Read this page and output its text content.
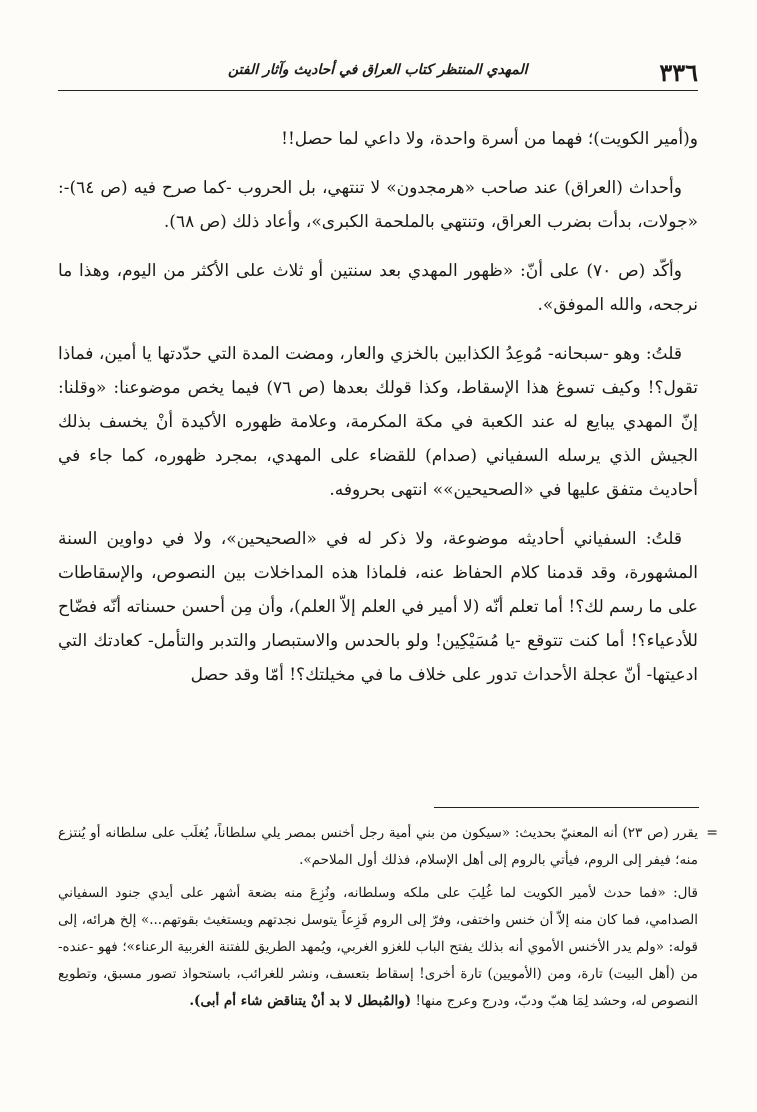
٣٣٦
المهدي المنتظر كتاب العراق في أحاديث وآثار الفتن

و(أمير الكويت)؛ فهما من أسرة واحدة، ولا داعي لما حصل!!

وأحداث (العراق) عند صاحب «هرمجدون» لا تنتهي، بل الحروب -كما صرح فيه (ص ٦٤)-: «جولات، بدأت بضرب العراق، وتنتهي بالملحمة الكبرى»، وأعاد ذلك (ص ٦٨).

وأكّد (ص ٧٠) على أنّ: «ظهور المهدي بعد سنتين أو ثلاث على الأكثر من اليوم، وهذا ما نرجحه، والله الموفق».

قلتُ: وهو -سبحانه- مُوعِدُ الكذابين بالخزي والعار، ومضت المدة التي حدّدتها يا أمين، فماذا تقول؟! وكيف تسوغ هذا الإسقاط، وكذا قولك بعدها (ص ٧٦) فيما يخص موضوعنا: «وقلنا: إنّ المهدي يبايع له عند الكعبة في مكة المكرمة، وعلامة ظهوره الأكيدة أنْ يخسف بذلك الجيش الذي يرسله السفياني (صدام) للقضاء على المهدي، بمجرد ظهوره، كما جاء في أحاديث متفق عليها في «الصحيحين»» انتهى بحروفه.

قلتُ: السفياني أحاديثه موضوعة، ولا ذكر له في «الصحيحين»، ولا في دواوين السنة المشهورة، وقد قدمنا كلام الحفاظ عنه، فلماذا هذه المداخلات بين النصوص، والإسقاطات على ما رسم لك؟! أما تعلم أنّه (لا أمير في العلم إلاّ العلم)، وأن مِن أحسن حسناته أنّه فضّاح للأدعياء؟! أما كنت تتوقع -يا مُسَيْكِين! ولو بالحدس والاستبصار والتدبر والتأمل- كعادتك التي ادعيتها- أنّ عجلة الأحداث تدور على خلاف ما في مخيلتك؟! أمّا وقد حصل

=
يقرر (ص ٢٣) أنه المعنيّ بحديث: «سيكون من بني أمية رجل أخنس بمصر يلي سلطاناً، يُغلَب على سلطانه أو يُنتزع منه؛ فيفر إلى الروم، فيأتي بالروم إلى أهل الإسلام، فذلك أول الملاحم».

قال: «فما حدث لأمير الكويت لما غُلِبَ على ملكه وسلطانه، ونُزِعَ منه بضعة أشهر على أيدي جنود السفياني الصدامي، فما كان منه إلاّ أن خنس واختفى، وفرّ إلى الروم فَزِعاً يتوسل نجدتهم ويستغيث بقوتهم...» إلخ هرائه، إلى قوله: «ولم يدر الأخنس الأموي أنه بذلك يفتح الباب للغزو الغربي، ويُمهد الطريق للفتنة الغربية الرعناء»؛ فهو -عنده- من (أهل البيت) تارة، ومن (الأمويين) تارة أخرى! إسقاط بتعسف، ونشر للغرائب، باستحواذ تصور مسبق، وتطويع النصوص له، وحشد لِمَا هبّ ودبّ، ودرج وعرج منها! (والمُبطل لا بد أنْ يتناقض شاء أم أبى).
